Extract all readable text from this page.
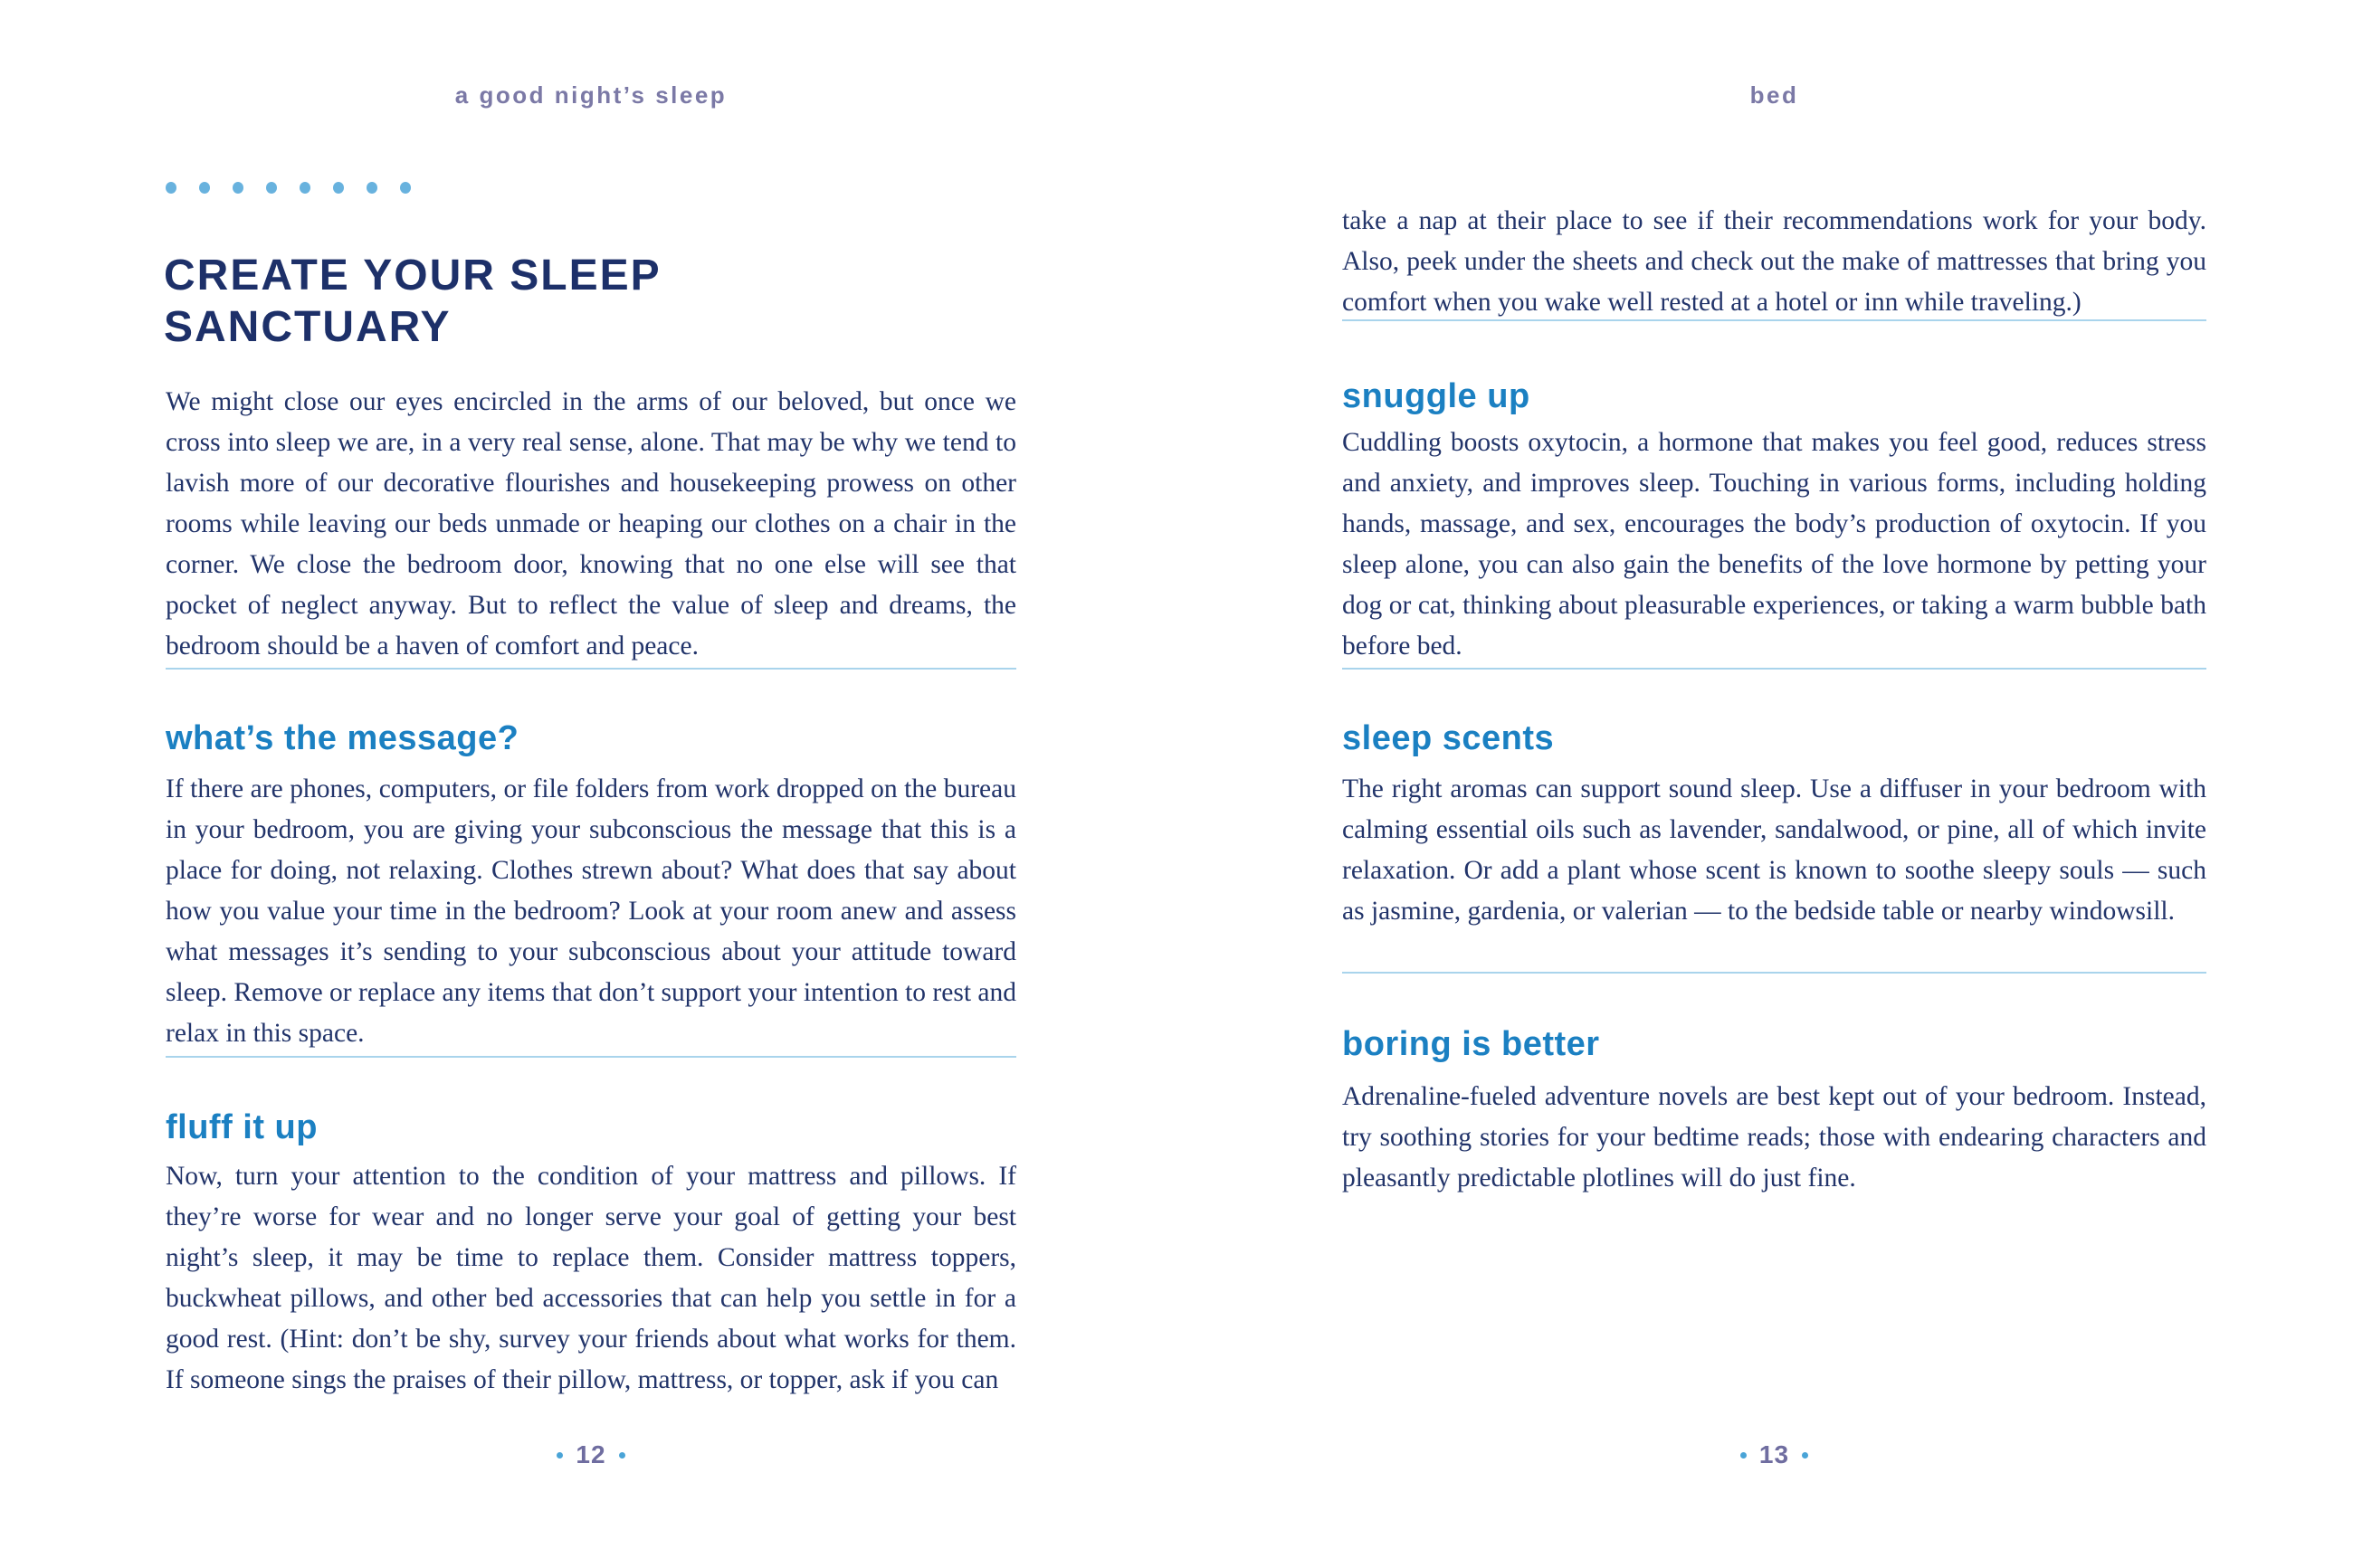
a good night’s sleep
CREATE YOUR SLEEP SANCTUARY

We might close our eyes encircled in the arms of our beloved, but once we cross into sleep we are, in a very real sense, alone. That may be why we tend to lavish more of our decorative flourishes and housekeeping prowess on other rooms while leaving our beds unmade or heaping our clothes on a chair in the corner. We close the bedroom door, knowing that no one else will see that pocket of neglect anyway. But to reflect the value of sleep and dreams, the bedroom should be a haven of comfort and peace.

what’s the message?

If there are phones, computers, or file folders from work dropped on the bureau in your bedroom, you are giving your subconscious the message that this is a place for doing, not relaxing. Clothes strewn about? What does that say about how you value your time in the bedroom? Look at your room anew and assess what messages it’s sending to your subconscious about your attitude toward sleep. Remove or replace any items that don’t support your intention to rest and relax in this space.

fluff it up

Now, turn your attention to the condition of your mattress and pillows. If they’re worse for wear and no longer serve your goal of getting your best night’s sleep, it may be time to replace them. Consider mattress toppers, buckwheat pillows, and other bed accessories that can help you settle in for a good rest. (Hint: don’t be shy, survey your friends about what works for them. If someone sings the praises of their pillow, mattress, or topper, ask if you can

12
bed

take a nap at their place to see if their recommendations work for your body. Also, peek under the sheets and check out the make of mattresses that bring you comfort when you wake well rested at a hotel or inn while traveling.)

snuggle up

Cuddling boosts oxytocin, a hormone that makes you feel good, reduces stress and anxiety, and improves sleep. Touching in various forms, including holding hands, massage, and sex, encourages the body’s production of oxytocin. If you sleep alone, you can also gain the benefits of the love hormone by petting your dog or cat, thinking about pleasurable experiences, or taking a warm bubble bath before bed.

sleep scents

The right aromas can support sound sleep. Use a diffuser in your bedroom with calming essential oils such as lavender, sandalwood, or pine, all of which invite relaxation. Or add a plant whose scent is known to soothe sleepy souls — such as jasmine, gardenia, or valerian — to the bedside table or nearby windowsill.

boring is better

Adrenaline-fueled adventure novels are best kept out of your bedroom. Instead, try soothing stories for your bedtime reads; those with endearing characters and pleasantly predictable plotlines will do just fine.

13
